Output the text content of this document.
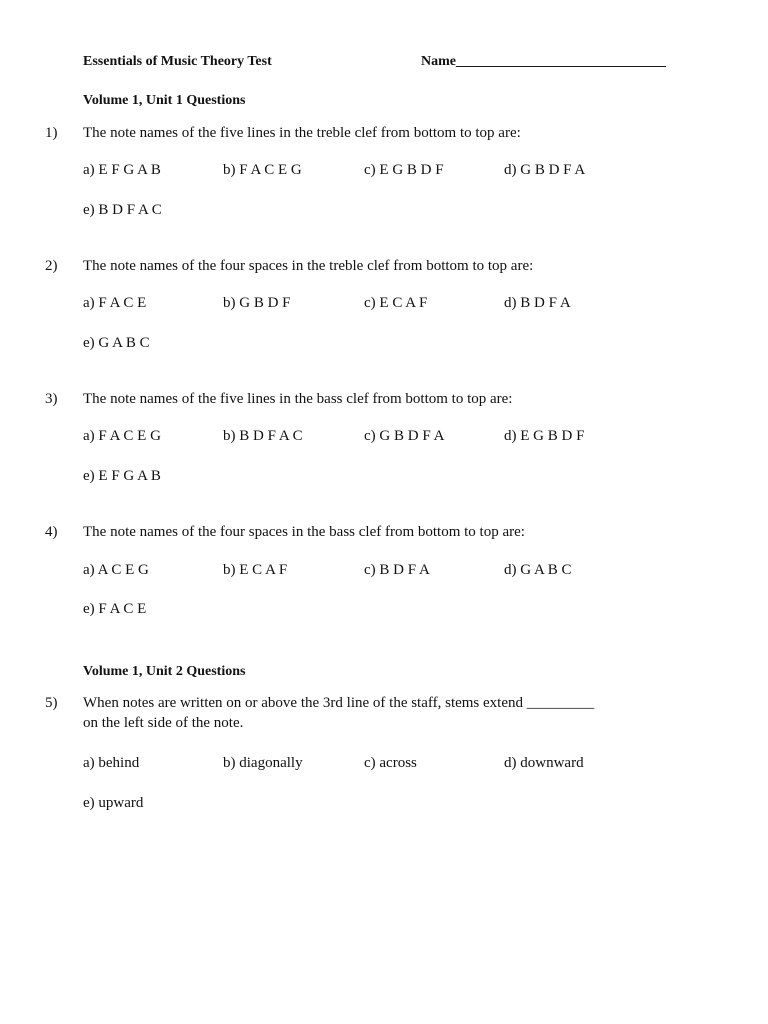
Essentials of Music Theory Test	Name______________________________
Volume 1, Unit 1 Questions
1) The note names of the five lines in the treble clef from bottom to top are:
a) E F G A B	b) F A C E G	c) E G B D F	d) G B D F A
e) B D F A C
2) The note names of the four spaces in the treble clef from bottom to top are:
a) F A C E	b) G B D F	c) E C A F	d) B D F A
e) G A B C
3) The note names of the five lines in the bass clef from bottom to top are:
a) F A C E G	b) B D F A C	c) G B D F A	d) E G B D F
e) E F G A B
4) The note names of the four spaces in the bass clef from bottom to top are:
a) A C E G	b) E C A F	c) B D F A	d) G A B C
e) F A C E
Volume 1, Unit 2 Questions
5) When notes are written on or above the 3rd line of the staff, stems extend _________
on the left side of the note.
a) behind	b) diagonally	c) across	d) downward
e) upward
